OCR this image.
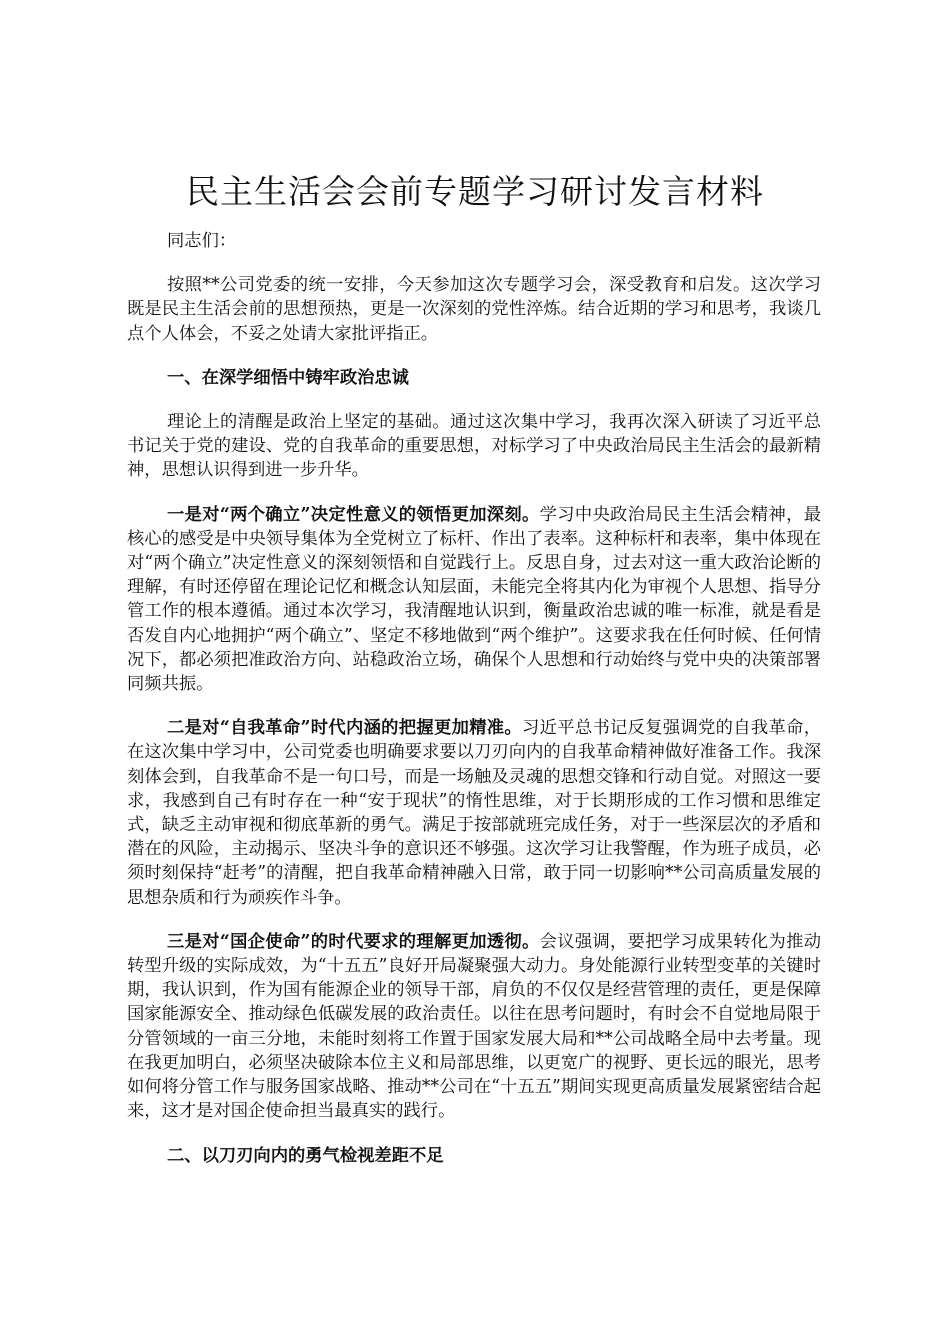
民主生活会会前专题学习研讨发言材料

同志们：

按照**公司党委的统一安排，今天参加这次专题学习会，深受教育和启发。这次学习既是民主生活会前的思想预热，更是一次深刻的党性淬炼。结合近期的学习和思考，我谈几点个人体会，不妥之处请大家批评指正。

一、在深学细悟中铸牢政治忠诚

理论上的清醒是政治上坚定的基础。通过这次集中学习，我再次深入研读了习近平总书记关于党的建设、党的自我革命的重要思想，对标学习了中央政治局民主生活会的最新精神，思想认识得到进一步升华。

一是对“两个确立”决定性意义的领悟更加深刻。学习中央政治局民主生活会精神，最核心的感受是中央领导集体为全党树立了标杆、作出了表率。这种标杆和表率，集中体现在对“两个确立”决定性意义的深刻领悟和自觉践行上。反思自身，过去对这一重大政治论断的理解，有时还停留在理论记忆和概念认知层面，未能完全将其内化为审视个人思想、指导分管工作的根本遵循。通过本次学习，我清醒地认识到，衡量政治忠诚的唯一标准，就是看是否发自内心地拥护“两个确立”、坚定不移地做到“两个维护”。这要求我在任何时候、任何情况下，都必须把准政治方向、站稳政治立场，确保个人思想和行动始终与党中央的决策部署同频共振。

二是对“自我革命”时代内涵的把握更加精准。习近平总书记反复强调党的自我革命，在这次集中学习中，公司党委也明确要求要以刀刃向内的自我革命精神做好准备工作。我深刻体会到，自我革命不是一句口号，而是一场触及灵魂的思想交锋和行动自觉。对照这一要求，我感到自己有时存在一种“安于现状”的惰性思维，对于长期形成的工作习惯和思维定式，缺乏主动审视和彻底革新的勇气。满足于按部就班完成任务，对于一些深层次的矛盾和潜在的风险，主动揭示、坚决斗争的意识还不够强。这次学习让我警醒，作为班子成员，必须时刻保持“赶考”的清醒，把自我革命精神融入日常，敢于同一切影响**公司高质量发展的思想杂质和行为顽疾作斗争。

三是对“国企使命”的时代要求的理解更加透彻。会议强调，要把学习成果转化为推动转型升级的实际成效，为“十五五”良好开局凝聚强大动力。身处能源行业转型变革的关键时期，我认识到，作为国有能源企业的领导干部，肩负的不仅仅是经营管理的责任，更是保障国家能源安全、推动绿色低碳发展的政治责任。以往在思考问题时，有时会不自觉地局限于分管领域的一亩三分地，未能时刻将工作置于国家发展大局和**公司战略全局中去考量。现在我更加明白，必须坚决破除本位主义和局部思维，以更宽广的视野、更长远的眼光，思考如何将分管工作与服务国家战略、推动**公司在“十五五”期间实现更高质量发展紧密结合起来，这才是对国企使命担当最真实的践行。

二、以刀刃向内的勇气检视差距不足
